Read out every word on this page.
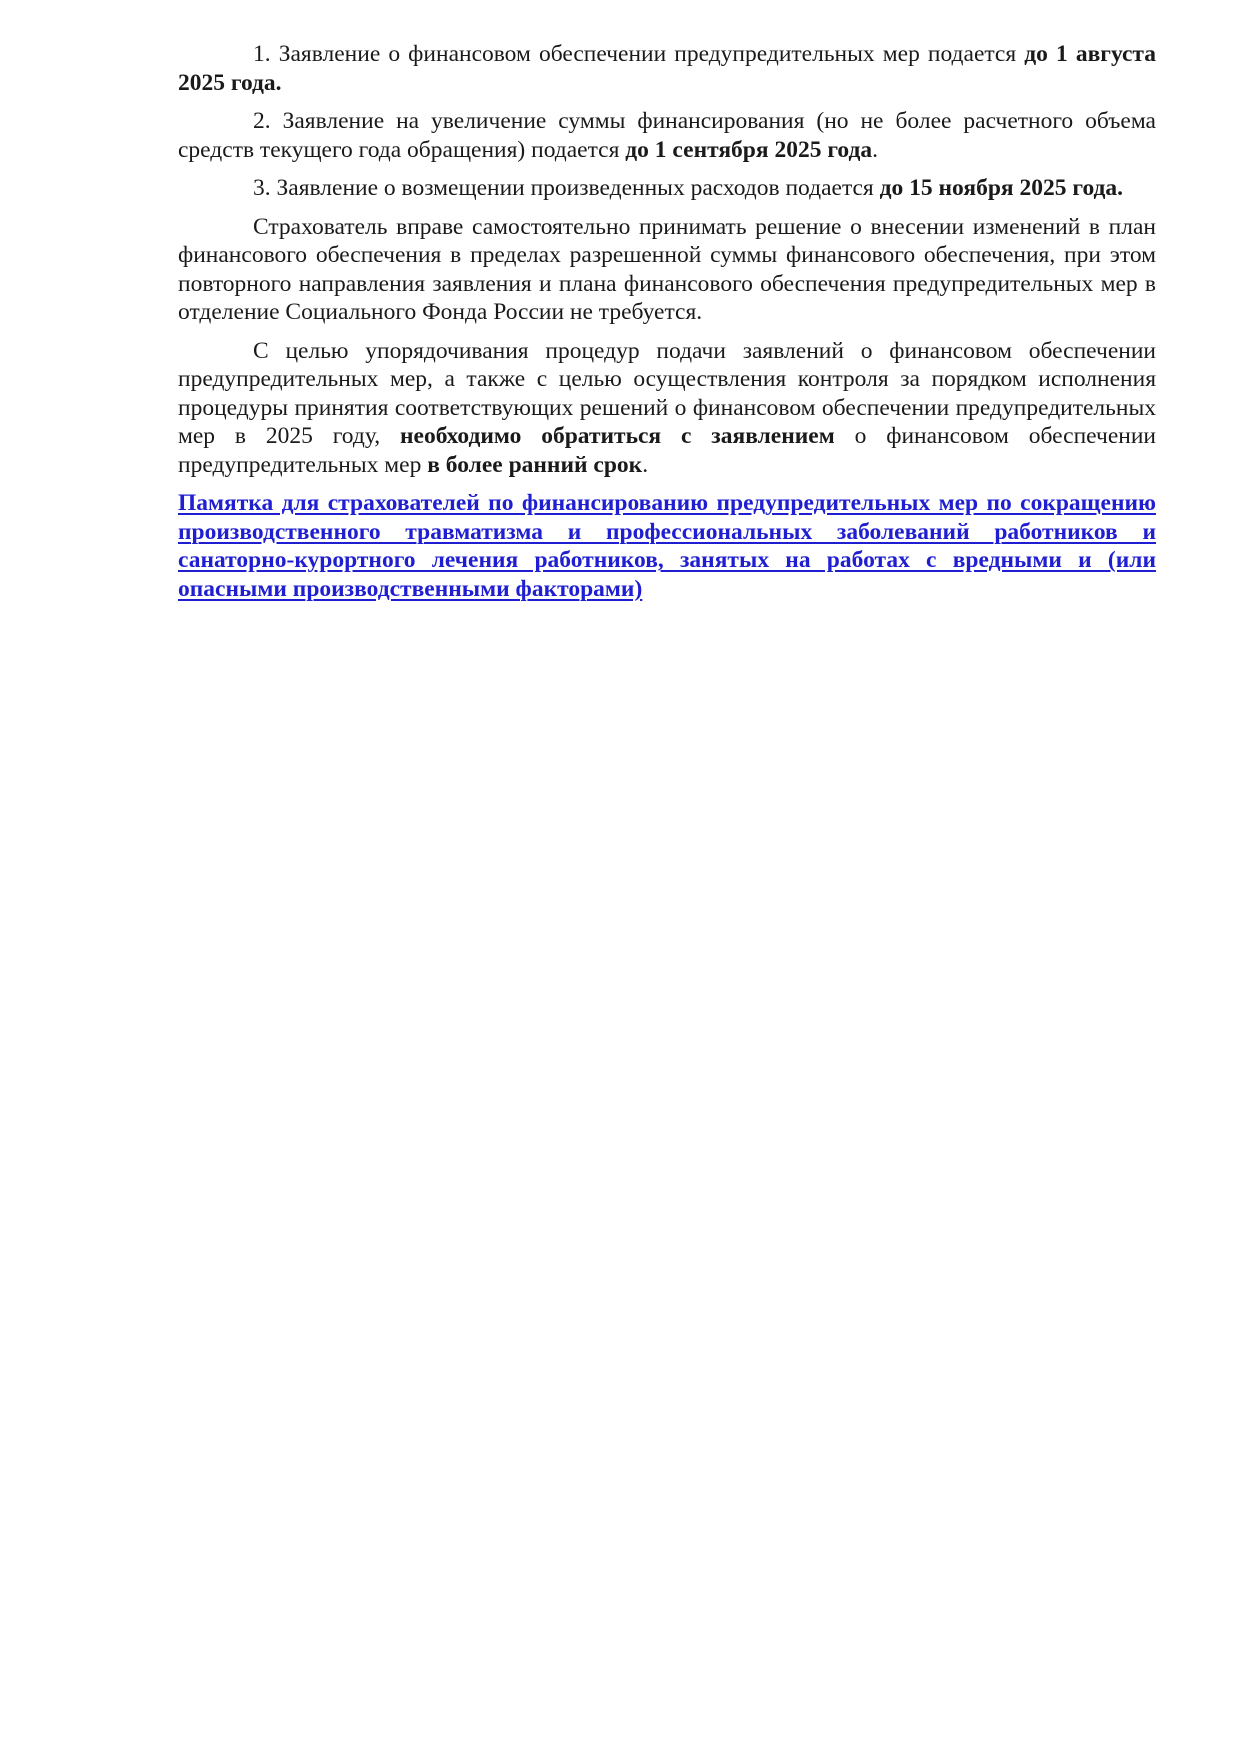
1. Заявление о финансовом обеспечении предупредительных мер подается до 1 августа 2025 года.

2. Заявление на увеличение суммы финансирования (но не более расчетного объема средств текущего года обращения) подается до 1 сентября 2025 года.

3. Заявление о возмещении произведенных расходов подается до 15 ноября 2025 года.

Страхователь вправе самостоятельно принимать решение о внесении изменений в план финансового обеспечения в пределах разрешенной суммы финансового обеспечения, при этом повторного направления заявления и плана финансового обеспечения предупредительных мер в отделение Социального Фонда России не требуется.

С целью упорядочивания процедур подачи заявлений о финансовом обеспечении предупредительных мер, а также с целью осуществления контроля за порядком исполнения процедуры принятия соответствующих решений о финансовом обеспечении предупредительных мер в 2025 году, необходимо обратиться с заявлением о финансовом обеспечении предупредительных мер в более ранний срок.

Памятка для страхователей по финансированию предупредительных мер по сокращению производственного травматизма и профессиональных заболеваний работников и санаторно-курортного лечения работников, занятых на работах с вредными и (или опасными производственными факторами)
